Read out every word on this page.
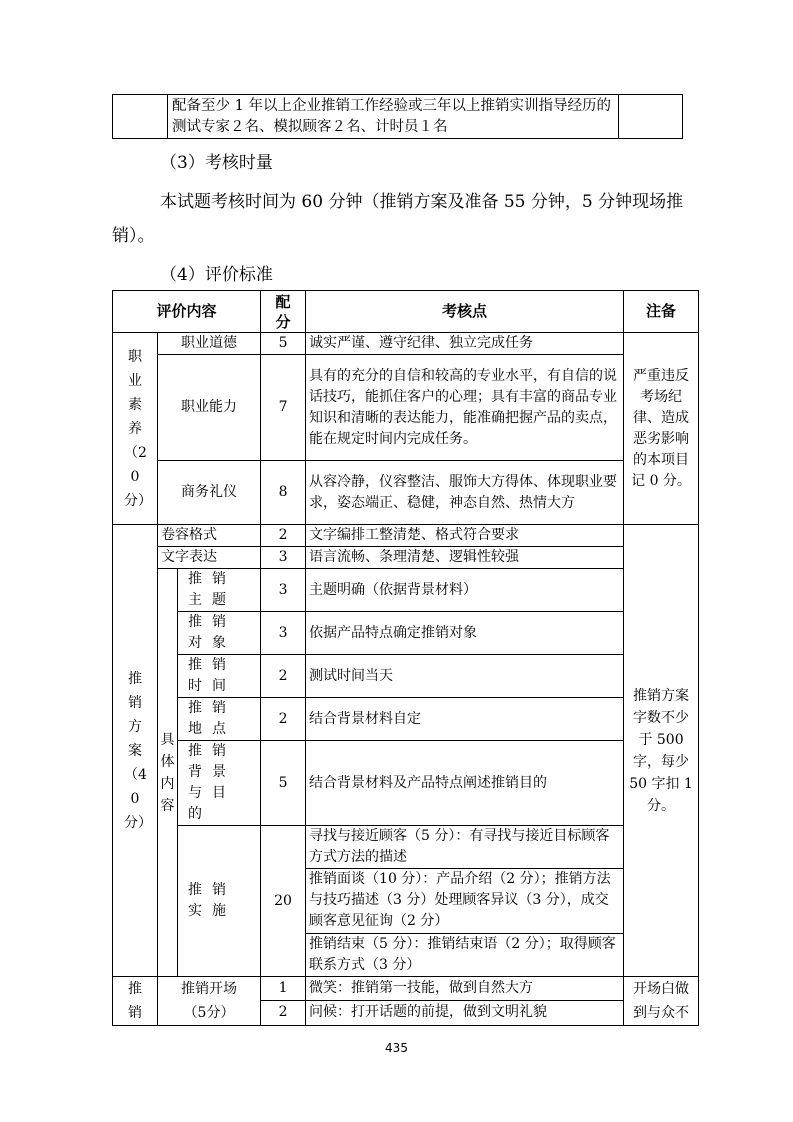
	配备至少 1 年以上企业推销工作经验或三年以上推销实训指导经历的测试专家２名、模拟顾客２名、计时员１名	

（3）考核时量

本试题考核时间为 60 分钟（推销方案及准备 55 分钟，5 分钟现场推销）。

（4）评价标准

评价内容			配分	考核点	注备
职业素养（20分）	职业道德		5	诚实严谨、遵守纪律、独立完成任务	严重违反考场纪律、造成恶劣影响的本项目记 0 分。
	职业能力		7	具有的充分的自信和较高的专业水平，有自信的说话技巧，能抓住客户的心理；具有丰富的商品专业知识和清晰的表达能力，能准确把握产品的卖点，能在规定时间内完成任务。	
	商务礼仪		8	从容冷静，仪容整洁、服饰大方得体、体现职业要求，姿态端正、稳健，神态自然、热情大方	
推销方案（40分）	卷容格式		2	文字编排工整清楚、格式符合要求	推销方案字数不少于 500 字，每少 50 字扣 1 分。
	文字表达		3	语言流畅、条理清楚、逻辑性较强	
	具体内容	推销主题	3	主题明确（依据背景材料）	
		推销对象	3	依据产品特点确定推销对象	
		推销时间	2	测试时间当天	
		推销地点	2	结合背景材料自定	
		推销背景与目的	5	结合背景材料及产品特点阐述推销目的	
		推销实施	20	寻找与接近顾客（5 分）：有寻找与接近目标顾客方式方法的描述
推销面谈（10 分）：产品介绍（2 分）；推销方法与技巧描述（3 分）处理顾客异议（3 分），成交顾客意见征询（2 分）
推销结束（5 分）：推销结束语（2 分）；取得顾客联系方式（3 分）	

推销	推销开场（5分）		1	微笑：推销第一技能，做到自然大方	开场白做到与众不
			2	问候：打开话题的前提，做到文明礼貌	
435
